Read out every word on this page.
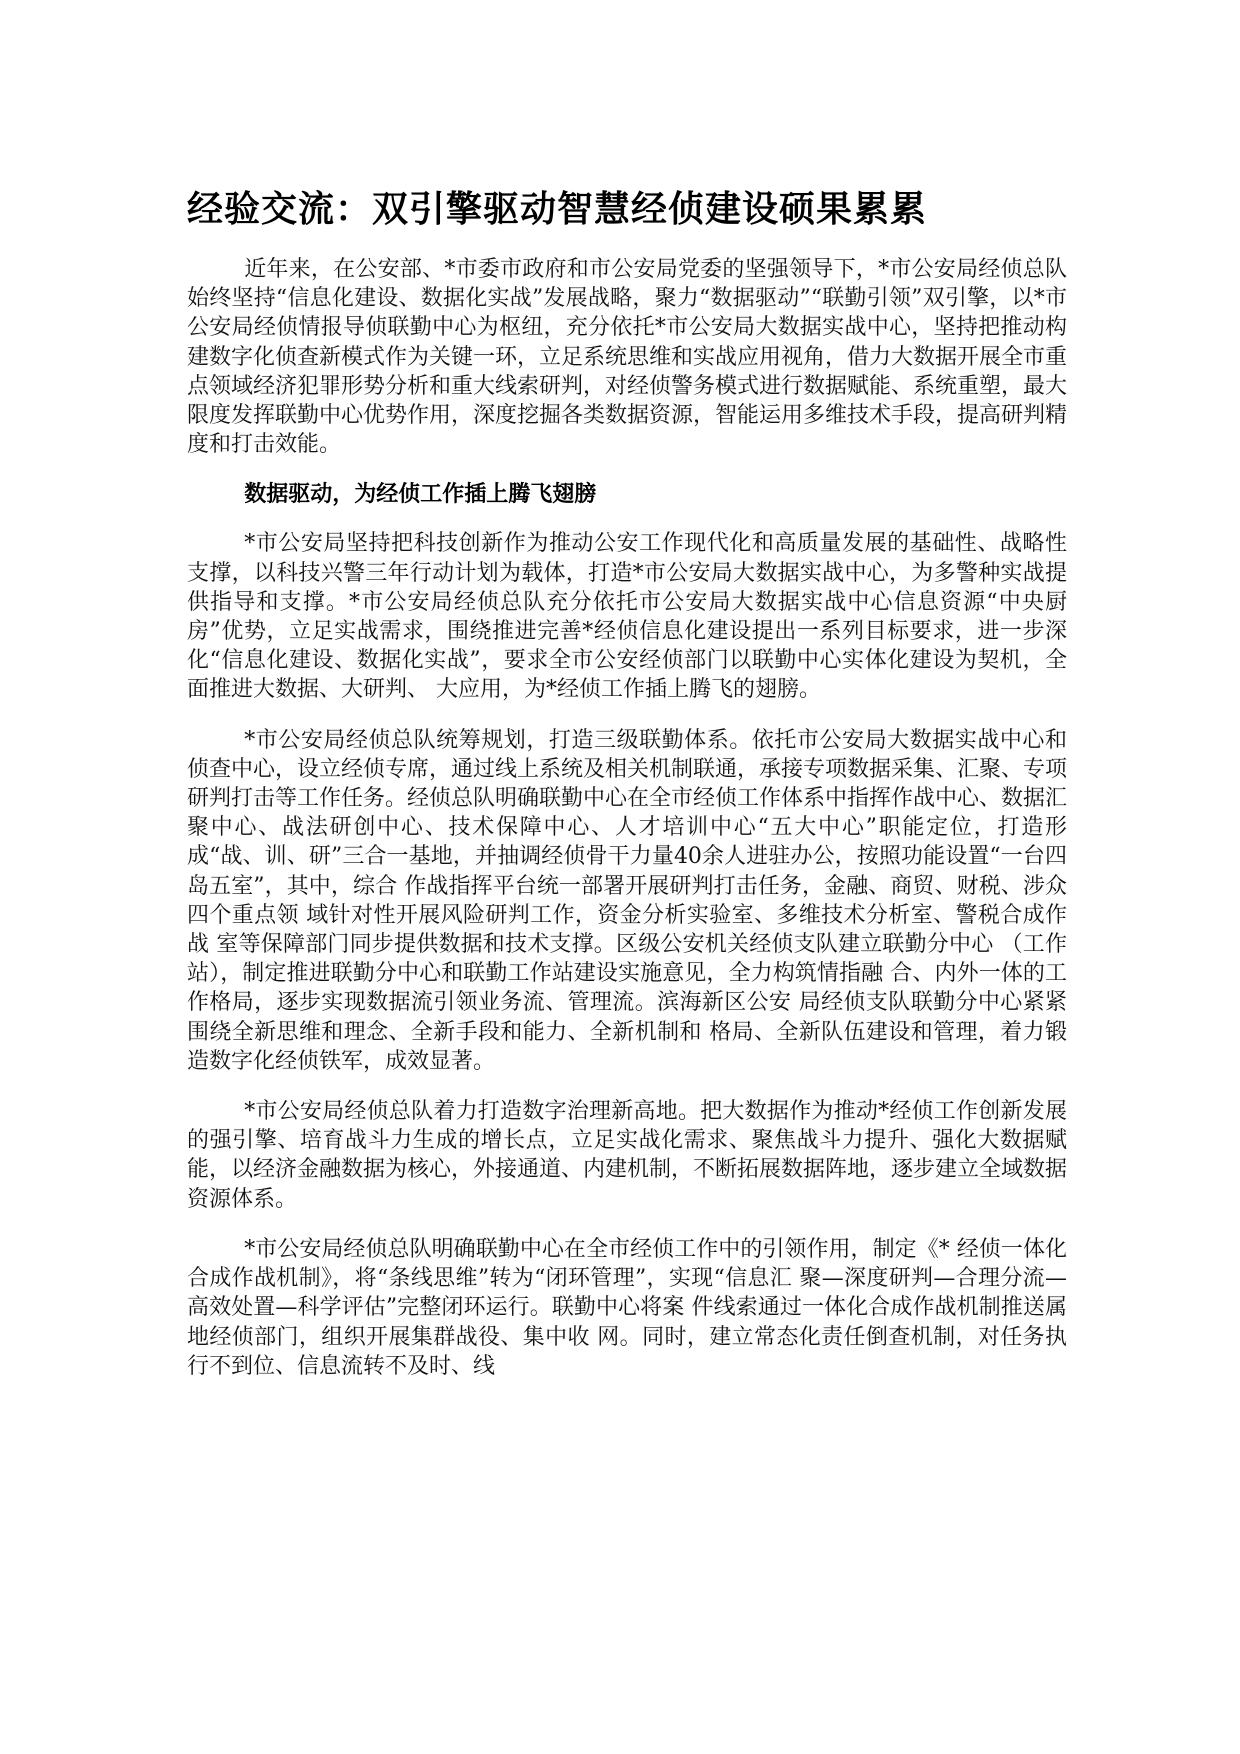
经验交流：双引擎驱动智慧经侦建设硕果累累

近年来，在公安部、*市委市政府和市公安局党委的坚强领导下，*市公安局经侦总队始终坚持“信息化建设、数据化实战”发展战略，聚力“数据驱动”“联勤引领”双引擎，以*市公安局经侦情报导侦联勤中心为枢纽，充分依托*市公安局大数据实战中心，坚持把推动构建数字化侦查新模式作为关键一环，立足系统思维和实战应用视角，借力大数据开展全市重点领域经济犯罪形势分析和重大线索研判，对经侦警务模式进行数据赋能、系统重塑，最大限度发挥联勤中心优势作用，深度挖掘各类数据资源，智能运用多维技术手段，提高研判精度和打击效能。

数据驱动，为经侦工作插上腾飞翅膀

*市公安局坚持把科技创新作为推动公安工作现代化和高质量发展的基础性、战略性支撑，以科技兴警三年行动计划为载体，打造*市公安局大数据实战中心，为多警种实战提供指导和支撑。*市公安局经侦总队充分依托市公安局大数据实战中心信息资源“中央厨房”优势，立足实战需求，围绕推进完善*经侦信息化建设提出一系列目标要求，进一步深化“信息化建设、数据化实战”，要求全市公安经侦部门以联勤中心实体化建设为契机，全面推进大数据、大研判、 大应用，为*经侦工作插上腾飞的翅膀。

*市公安局经侦总队统筹规划，打造三级联勤体系。依托市公安局大数据实战中心和侦查中心，设立经侦专席，通过线上系统及相关机制联通，承接专项数据采集、汇聚、专项研判打击等工作任务。经侦总队明确联勤中心在全市经侦工作体系中指挥作战中心、数据汇聚中心、战法研创中心、技术保障中心、人才培训中心“五大中心”职能定位，打造形成“战、训、研”三合一基地，并抽调经侦骨干力量40余人进驻办公，按照功能设置“一台四岛五室”，其中，综合 作战指挥平台统一部署开展研判打击任务，金融、商贸、财税、涉众四个重点领 域针对性开展风险研判工作，资金分析实验室、多维技术分析室、警税合成作战 室等保障部门同步提供数据和技术支撑。区级公安机关经侦支队建立联勤分中心 （工作站），制定推进联勤分中心和联勤工作站建设实施意见，全力构筑情指融 合、内外一体的工作格局，逐步实现数据流引领业务流、管理流。滨海新区公安 局经侦支队联勤分中心紧紧围绕全新思维和理念、全新手段和能力、全新机制和 格局、全新队伍建设和管理，着力锻造数字化经侦铁军，成效显著。

*市公安局经侦总队着力打造数字治理新高地。把大数据作为推动*经侦工作创新发展的强引擎、培育战斗力生成的增长点，立足实战化需求、聚焦战斗力提升、强化大数据赋能，以经济金融数据为核心，外接通道、内建机制，不断拓展数据阵地，逐步建立全域数据资源体系。

*市公安局经侦总队明确联勤中心在全市经侦工作中的引领作用，制定《* 经侦一体化合成作战机制》，将“条线思维”转为“闭环管理”，实现“信息汇 聚—深度研判—合理分流—高效处置—科学评估”完整闭环运行。联勤中心将案 件线索通过一体化合成作战机制推送属地经侦部门，组织开展集群战役、集中收 网。同时，建立常态化责任倒查机制，对任务执行不到位、信息流转不及时、线
